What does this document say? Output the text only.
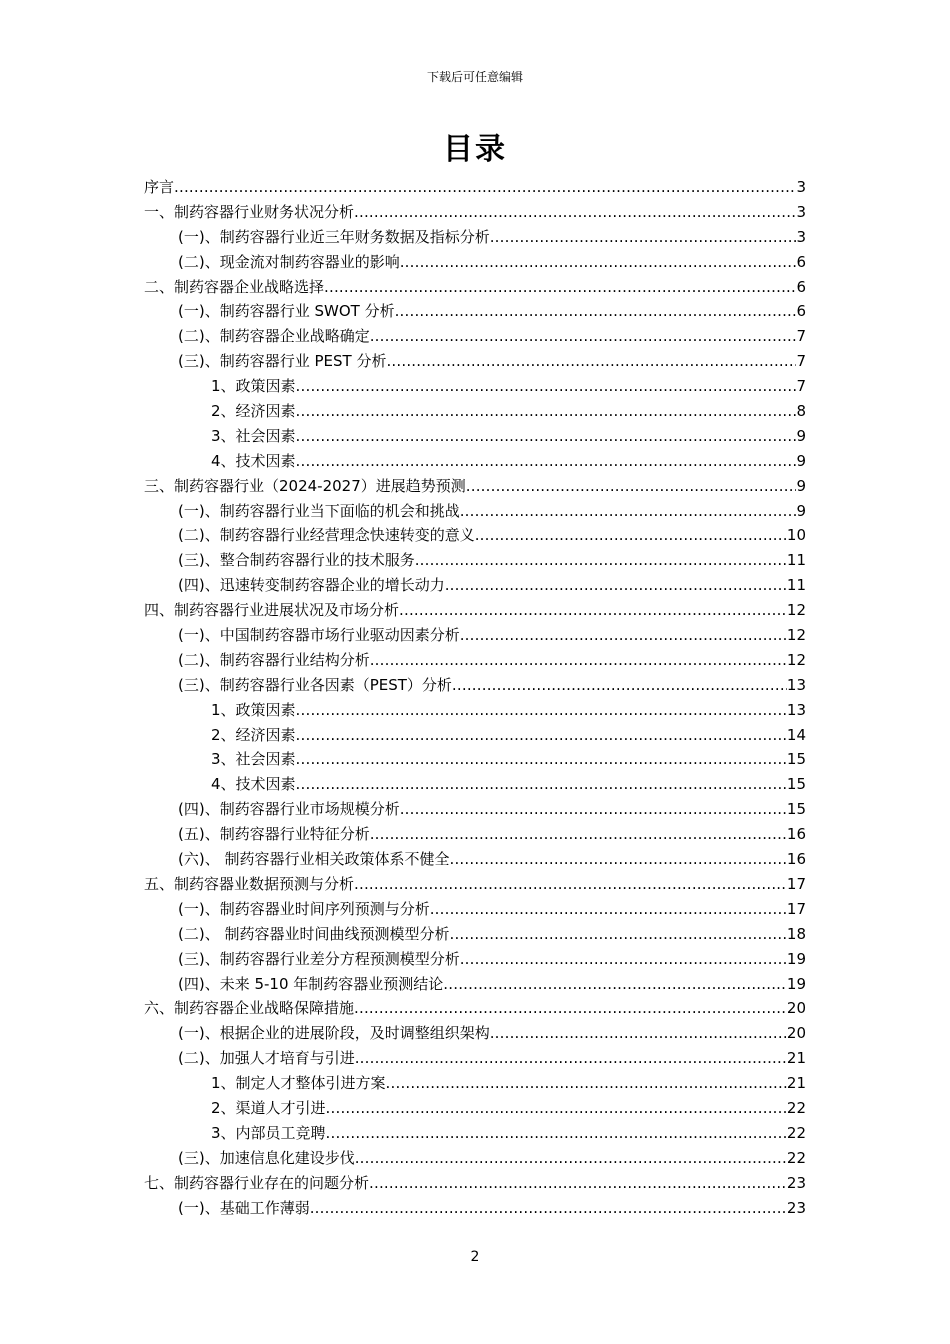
下载后可任意编辑
目录
序言 .....	3
一、制药容器行业财务状况分析 .....	3
(一)、制药容器行业近三年财务数据及指标分析 .....	3
(二)、现金流对制药容器业的影响 .....	6
二、制药容器企业战略选择 .....	6
(一)、制药容器行业 SWOT 分析 .....	6
(二)、制药容器企业战略确定 .....	7
(三)、制药容器行业 PEST 分析 .....	7
1、政策因素 .....	7
2、经济因素 .....	8
3、社会因素 .....	9
4、技术因素 .....	9
三、制药容器行业（2024-2027）进展趋势预测 .....	9
(一)、制药容器行业当下面临的机会和挑战 .....	9
(二)、制药容器行业经营理念快速转变的意义 .....	10
(三)、整合制药容器行业的技术服务 .....	11
(四)、迅速转变制药容器企业的增长动力 .....	11
四、制药容器行业进展状况及市场分析 .....	12
(一)、中国制药容器市场行业驱动因素分析 .....	12
(二)、制药容器行业结构分析 .....	12
(三)、制药容器行业各因素（PEST）分析 .....	13
1、政策因素 .....	13
2、经济因素 .....	14
3、社会因素 .....	15
4、技术因素 .....	15
(四)、制药容器行业市场规模分析 .....	15
(五)、制药容器行业特征分析 .....	16
(六)、 制药容器行业相关政策体系不健全 .....	16
五、制药容器业数据预测与分析 .....	17
(一)、制药容器业时间序列预测与分析 .....	17
(二)、 制药容器业时间曲线预测模型分析 .....	18
(三)、制药容器行业差分方程预测模型分析 .....	19
(四)、未来 5-10 年制药容器业预测结论 .....	19
六、制药容器企业战略保障措施 .....	20
(一)、根据企业的进展阶段，及时调整组织架构 .....	20
(二)、加强人才培育与引进 .....	21
1、制定人才整体引进方案 .....	21
2、渠道人才引进 .....	22
3、内部员工竞聘 .....	22
(三)、加速信息化建设步伐 .....	22
七、制药容器行业存在的问题分析 .....	23
(一)、基础工作薄弱 .....	23
2
